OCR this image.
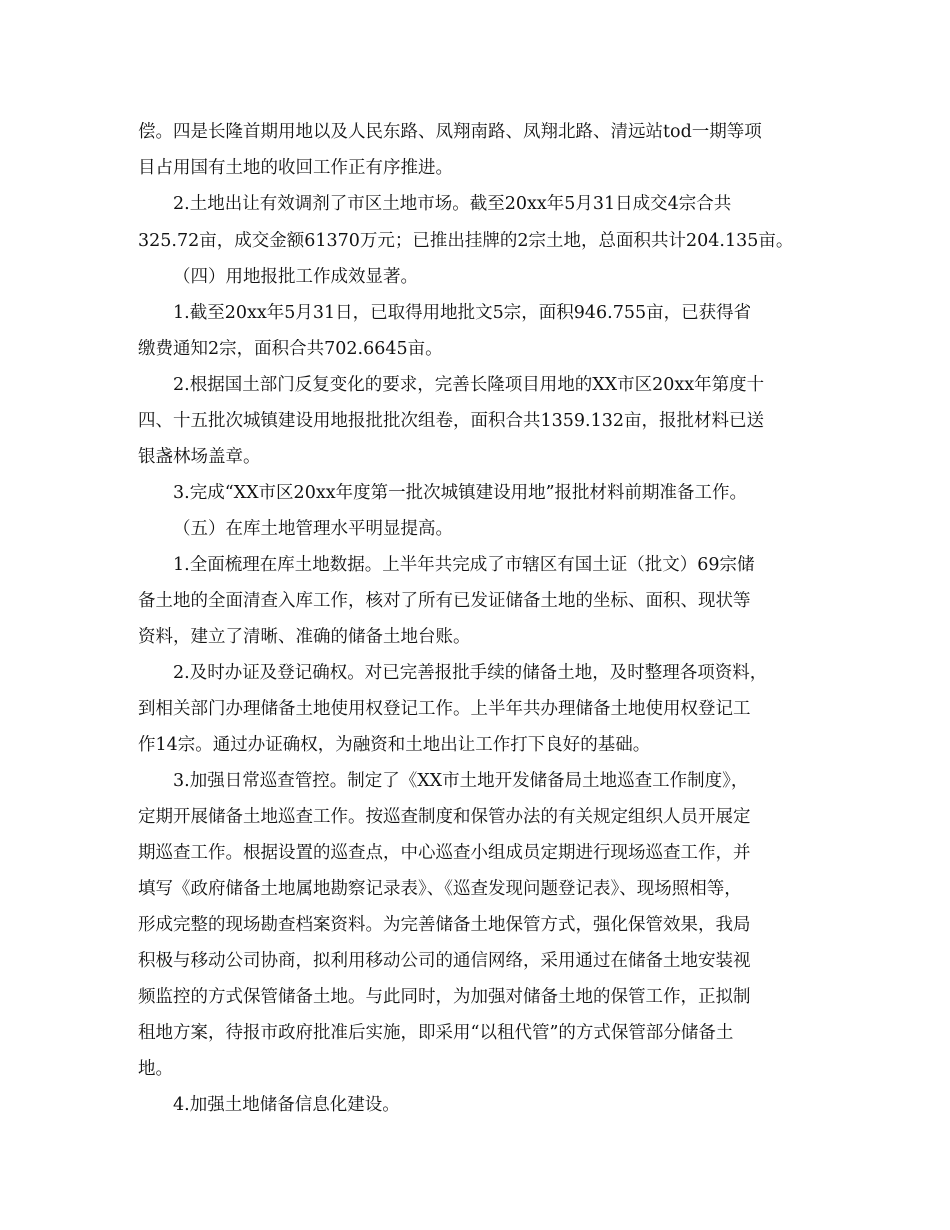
偿。四是长隆首期用地以及人民东路、凤翔南路、凤翔北路、清远站tod一期等项
目占用国有土地的收回工作正有序推进。
2.土地出让有效调剂了市区土地市场。截至20xx年5月31日成交4宗合共
325.72亩，成交金额61370万元；已推出挂牌的2宗土地，总面积共计204.135亩。
（四）用地报批工作成效显著。
1.截至20xx年5月31日，已取得用地批文5宗，面积946.755亩，已获得省
缴费通知2宗，面积合共702.6645亩。
2.根据国土部门反复变化的要求，完善长隆项目用地的XX市区20xx年第度十
四、十五批次城镇建设用地报批批次组卷，面积合共1359.132亩，报批材料已送
银盏林场盖章。
3.完成“XX市区20xx年度第一批次城镇建设用地”报批材料前期准备工作。
（五）在库土地管理水平明显提高。
1.全面梳理在库土地数据。上半年共完成了市辖区有国土证（批文）69宗储
备土地的全面清查入库工作，核对了所有已发证储备土地的坐标、面积、现状等
资料，建立了清晰、准确的储备土地台账。
2.及时办证及登记确权。对已完善报批手续的储备土地，及时整理各项资料，
到相关部门办理储备土地使用权登记工作。上半年共办理储备土地使用权登记工
作14宗。通过办证确权，为融资和土地出让工作打下良好的基础。
3.加强日常巡查管控。制定了《XX市土地开发储备局土地巡查工作制度》，
定期开展储备土地巡查工作。按巡查制度和保管办法的有关规定组织人员开展定
期巡查工作。根据设置的巡查点，中心巡查小组成员定期进行现场巡查工作，并
填写《政府储备土地属地勘察记录表》、《巡查发现问题登记表》、现场照相等，
形成完整的现场勘查档案资料。为完善储备土地保管方式，强化保管效果，我局
积极与移动公司协商，拟利用移动公司的通信网络，采用通过在储备土地安装视
频监控的方式保管储备土地。与此同时，为加强对储备土地的保管工作，正拟制
租地方案，待报市政府批准后实施，即采用“以租代管”的方式保管部分储备土
地。
4.加强土地储备信息化建设。
